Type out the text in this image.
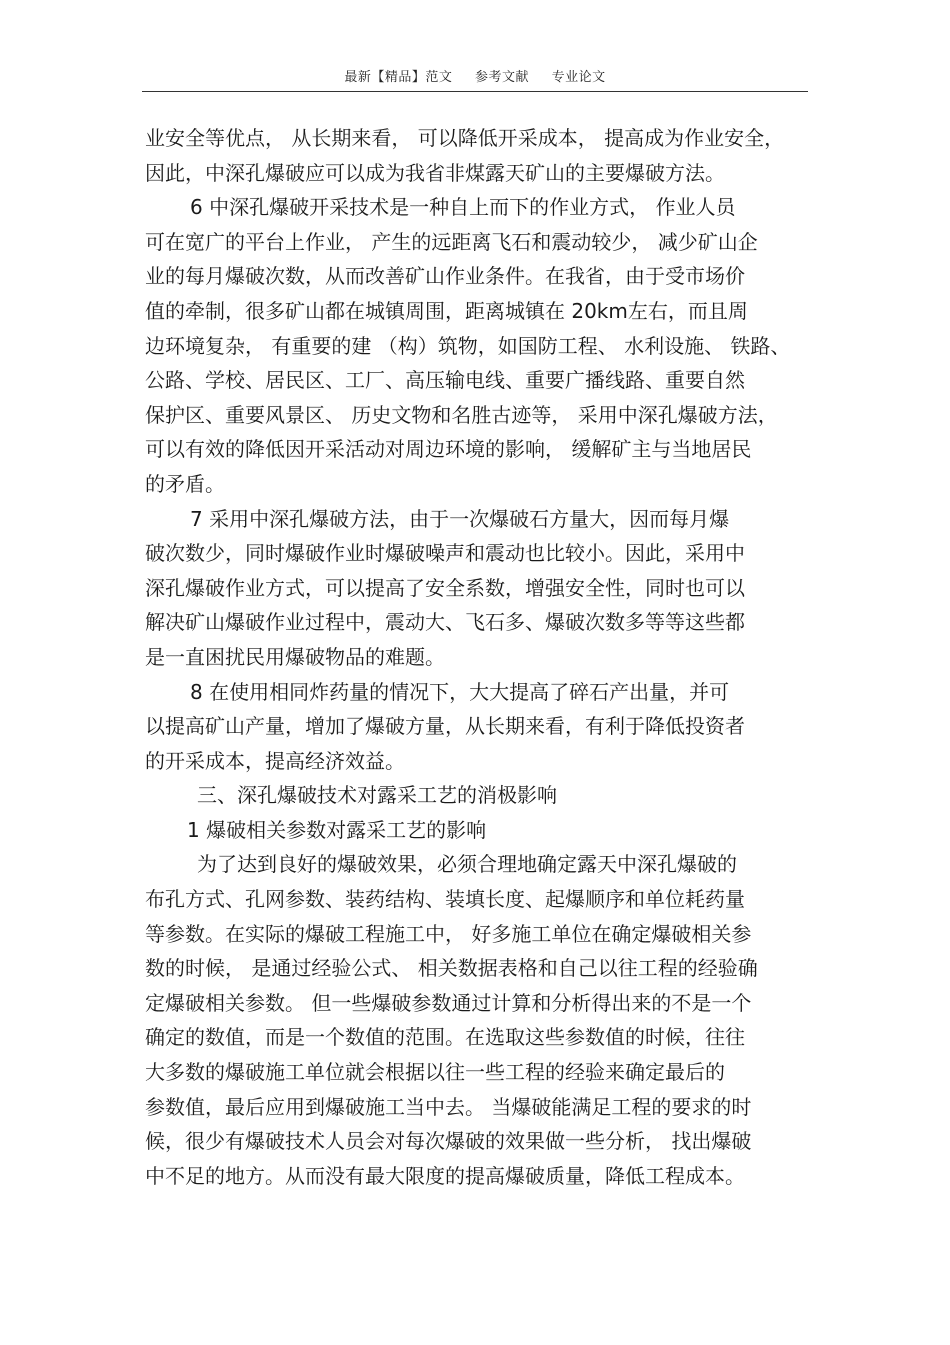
最新【精品】范文 参考文献 专业论文
业安全等优点， 从长期来看， 可以降低开采成本， 提高成为作业安全，
因此，中深孔爆破应可以成为我省非煤露天矿山的主要爆破方法。
6 中深孔爆破开采技术是一种自上而下的作业方式， 作业人员
可在宽广的平台上作业， 产生的远距离飞石和震动较少， 减少矿山企
业的每月爆破次数，从而改善矿山作业条件。在我省，由于受市场价
值的牵制，很多矿山都在城镇周围，距离城镇在 20km左右，而且周
边环境复杂， 有重要的建 （构）筑物，如国防工程、 水利设施、 铁路、
公路、学校、居民区、工厂、高压输电线、重要广播线路、重要自然
保护区、重要风景区、 历史文物和名胜古迹等， 采用中深孔爆破方法，
可以有效的降低因开采活动对周边环境的影响， 缓解矿主与当地居民
的矛盾。
7 采用中深孔爆破方法，由于一次爆破石方量大，因而每月爆
破次数少，同时爆破作业时爆破噪声和震动也比较小。因此，采用中
深孔爆破作业方式，可以提高了安全系数，增强安全性，同时也可以
解决矿山爆破作业过程中，震动大、飞石多、爆破次数多等等这些都
是一直困扰民用爆破物品的难题。
8 在使用相同炸药量的情况下，大大提高了碎石产出量，并可
以提高矿山产量，增加了爆破方量，从长期来看，有利于降低投资者
的开采成本，提高经济效益。
三、深孔爆破技术对露采工艺的消极影响
1 爆破相关参数对露采工艺的影响
为了达到良好的爆破效果，必须合理地确定露天中深孔爆破的
布孔方式、孔网参数、装药结构、装填长度、起爆顺序和单位耗药量
等参数。在实际的爆破工程施工中， 好多施工单位在确定爆破相关参
数的时候， 是通过经验公式、 相关数据表格和自己以往工程的经验确
定爆破相关参数。 但一些爆破参数通过计算和分析得出来的不是一个
确定的数值，而是一个数值的范围。在选取这些参数值的时候，往往
大多数的爆破施工单位就会根据以往一些工程的经验来确定最后的
参数值，最后应用到爆破施工当中去。 当爆破能满足工程的要求的时
候，很少有爆破技术人员会对每次爆破的效果做一些分析， 找出爆破
中不足的地方。从而没有最大限度的提高爆破质量，降低工程成本。
